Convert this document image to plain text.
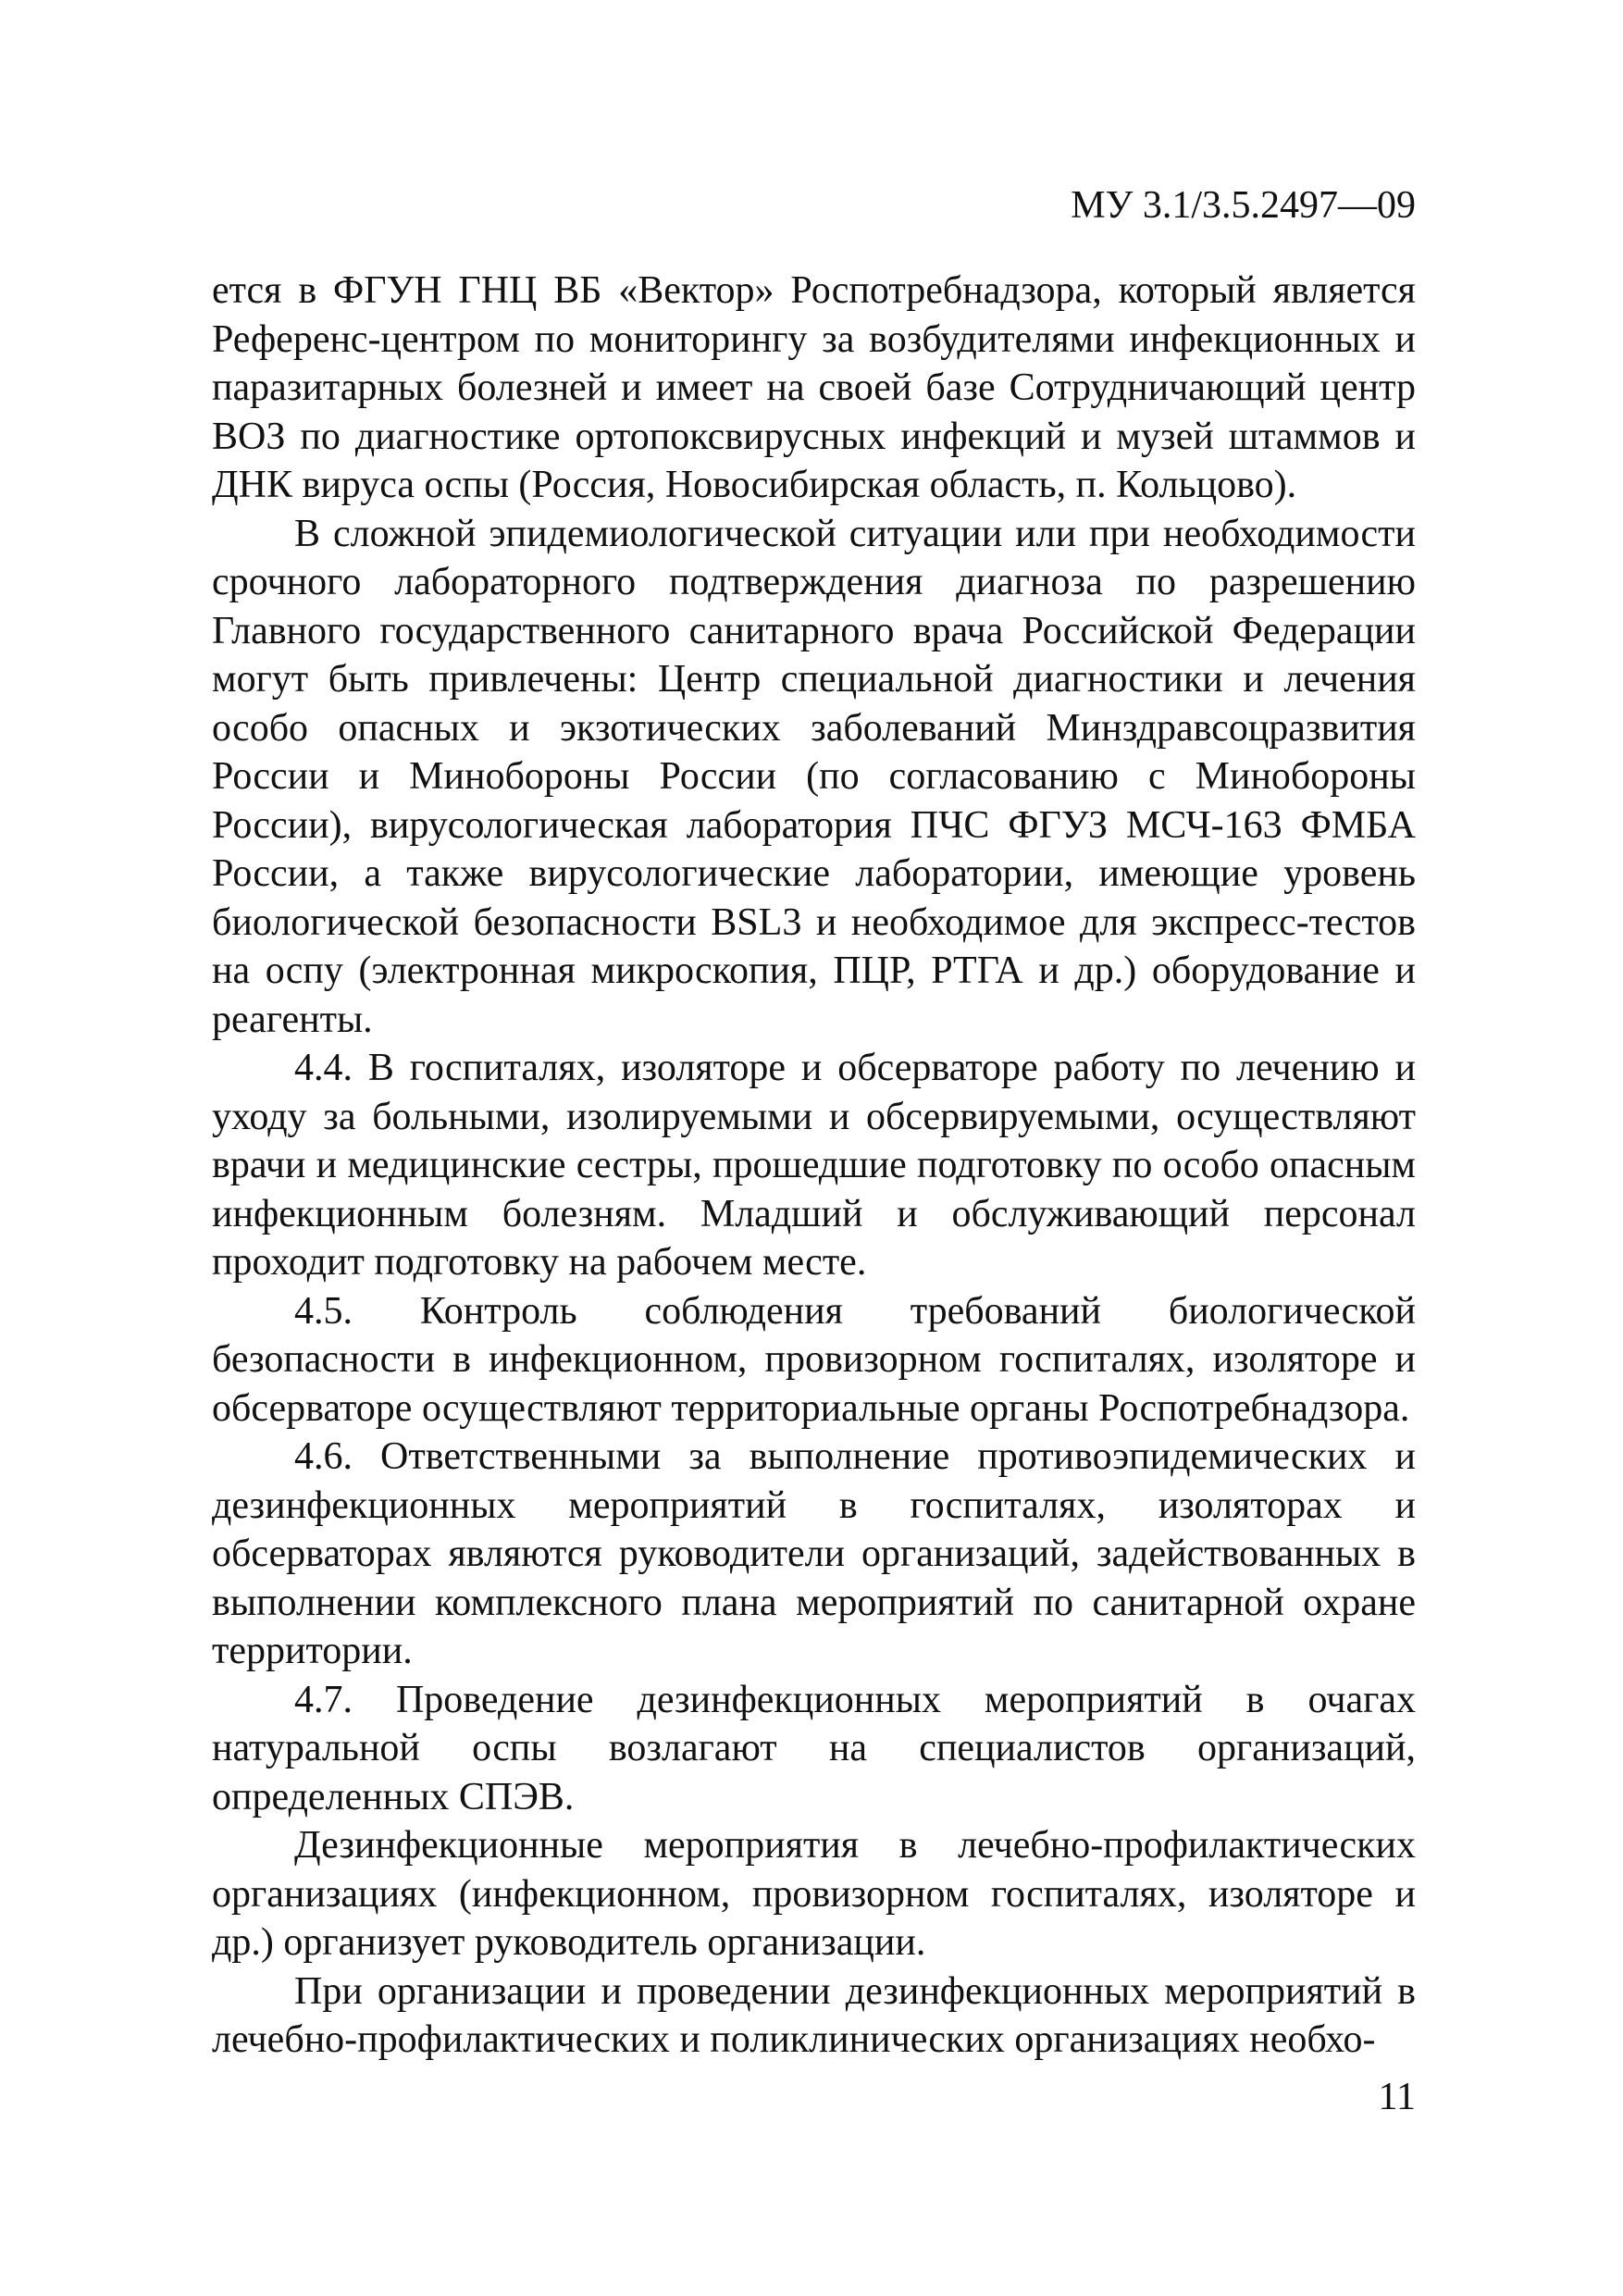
МУ 3.1/3.5.2497—09

ется в ФГУН ГНЦ ВБ «Вектор» Роспотребнадзора, который является Референс-центром по мониторингу за возбудителями инфекционных и паразитарных болезней и имеет на своей базе Сотрудничающий центр ВОЗ по диагностике ортопоксвирусных инфекций и музей штаммов и ДНК вируса оспы (Россия, Новосибирская область, п. Кольцово).

В сложной эпидемиологической ситуации или при необходимости срочного лабораторного подтверждения диагноза по разрешению Главного государственного санитарного врача Российской Федерации могут быть привлечены: Центр специальной диагностики и лечения особо опасных и экзотических заболеваний Минздравсоцразвития России и Минобороны России (по согласованию с Минобороны России), вирусологическая лаборатория ПЧС ФГУЗ МСЧ-163 ФМБА России, а также вирусологические лаборатории, имеющие уровень биологической безопасности BSL3 и необходимое для экспресс-тестов на оспу (электронная микроскопия, ПЦР, РТГА и др.) оборудование и реагенты.

4.4. В госпиталях, изоляторе и обсерваторе работу по лечению и уходу за больными, изолируемыми и обсервируемыми, осуществляют врачи и медицинские сестры, прошедшие подготовку по особо опасным инфекционным болезням. Младший и обслуживающий персонал проходит подготовку на рабочем месте.

4.5. Контроль соблюдения требований биологической безопасности в инфекционном, провизорном госпиталях, изоляторе и обсерваторе осуществляют территориальные органы Роспотребнадзора.

4.6. Ответственными за выполнение противоэпидемических и дезинфекционных мероприятий в госпиталях, изоляторах и обсерваторах являются руководители организаций, задействованных в выполнении комплексного плана мероприятий по санитарной охране территории.

4.7. Проведение дезинфекционных мероприятий в очагах натуральной оспы возлагают на специалистов организаций, определенных СПЭВ.

Дезинфекционные мероприятия в лечебно-профилактических организациях (инфекционном, провизорном госпиталях, изоляторе и др.) организует руководитель организации.

При организации и проведении дезинфекционных мероприятий в лечебно-профилактических и поликлинических организациях необхо-

11
